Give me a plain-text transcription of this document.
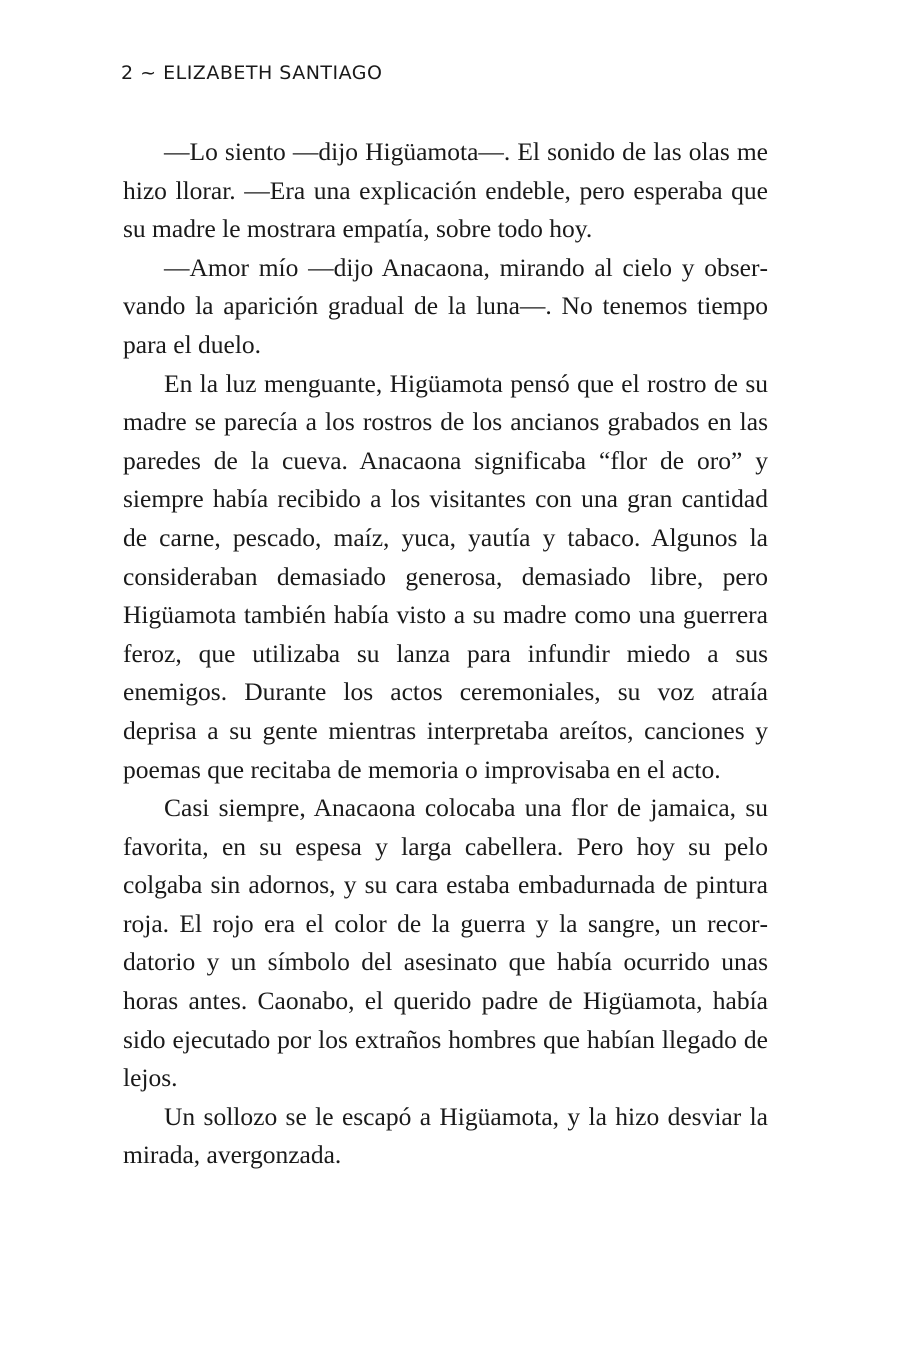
2 ~ ELIZABETH SANTIAGO

—Lo siento —dijo Higüamota—. El sonido de las olas me hizo llorar. —Era una explicación endeble, pero esperaba que su madre le mostrara empatía, sobre todo hoy.

—Amor mío —dijo Anacaona, mirando al cielo y observando la aparición gradual de la luna—. No tenemos tiempo para el duelo.

En la luz menguante, Higüamota pensó que el rostro de su madre se parecía a los rostros de los ancianos grabados en las paredes de la cueva. Anacaona significaba “flor de oro” y siempre había recibido a los visitantes con una gran cantidad de carne, pescado, maíz, yuca, yautía y tabaco. Algunos la consideraban demasiado generosa, demasiado libre, pero Higüamota también había visto a su madre como una guerrera feroz, que utilizaba su lanza para infundir miedo a sus enemigos. Durante los actos ceremoniales, su voz atraía deprisa a su gente mientras interpretaba areítos, canciones y poemas que recitaba de memoria o improvisaba en el acto.

Casi siempre, Anacaona colocaba una flor de jamaica, su favorita, en su espesa y larga cabellera. Pero hoy su pelo colgaba sin adornos, y su cara estaba embadurnada de pintura roja. El rojo era el color de la guerra y la sangre, un recordatorio y un símbolo del asesinato que había ocurrido unas horas antes. Caonabo, el querido padre de Higüamota, había sido ejecutado por los extraños hombres que habían llegado de lejos.

Un sollozo se le escapó a Higüamota, y la hizo desviar la mirada, avergonzada.
